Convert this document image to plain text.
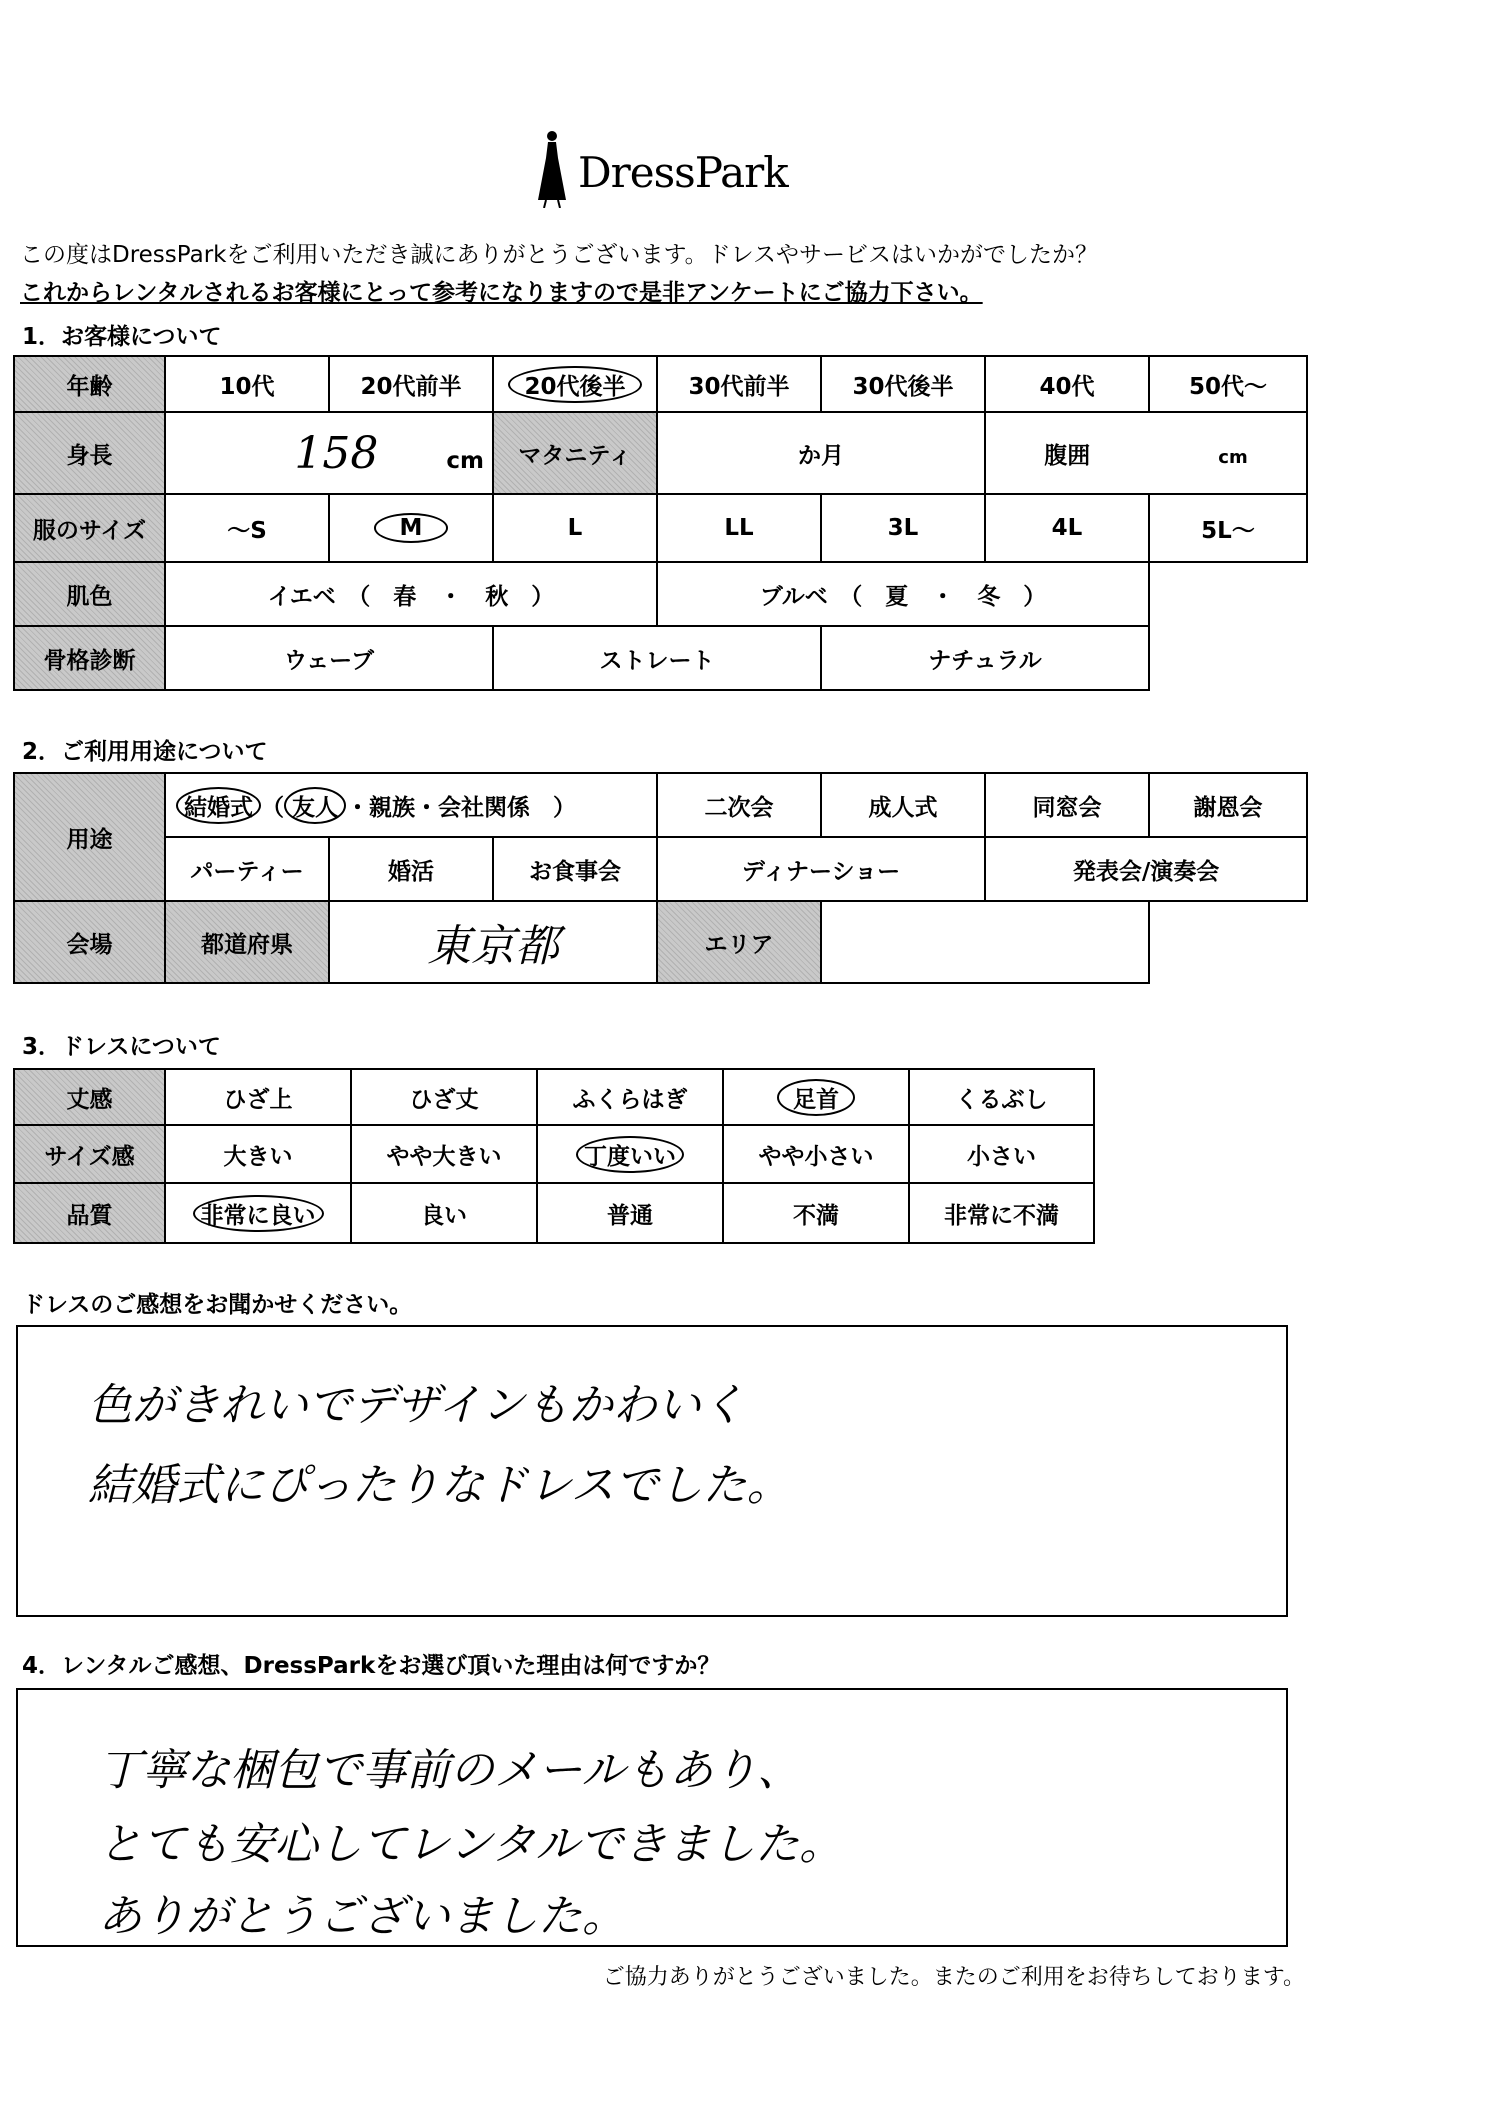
DressPark
この度はDressParkをご利用いただき誠にありがとうございます。ドレスやサービスはいかがでしたか？
これからレンタルされるお客様にとって参考になりますので是非アンケートにご協力下さい。
1．お客様について
年齢	10代	20代前半	20代後半	30代前半	30代後半	40代	50代～
身長	158 cm		マタニティ	か月		腹囲 cm	
服のサイズ	～S	M	L	LL	3L	4L	5L～
肌色	イエベ　（　春　・　秋　）			ブルベ　（　夏　・　冬　）			
骨格診断	ウェーブ		ストレート		ナチュラル		
2．ご利用用途について
用途	結婚式 （ 友人 ・親族・会社関係　）			二次会	成人式	同窓会	謝恩会
	パーティー	婚活	お食事会	ディナーショー		発表会/演奏会	
会場	都道府県	東京都		エリア			
3．ドレスについて
丈感	ひざ上	ひざ丈	ふくらはぎ	足首	くるぶし
サイズ感	大きい	やや大きい	丁度いい	やや小さい	小さい
品質	非常に良い	良い	普通	不満	非常に不満
ドレスのご感想をお聞かせください。
色がきれいでデザインもかわいく
結婚式にぴったりなドレスでした。
4．レンタルご感想、DressParkをお選び頂いた理由は何ですか？
丁寧な梱包で事前のメールもあり、
とても安心してレンタルできました。
ありがとうございました。
ご協力ありがとうございました。またのご利用をお待ちしております。
